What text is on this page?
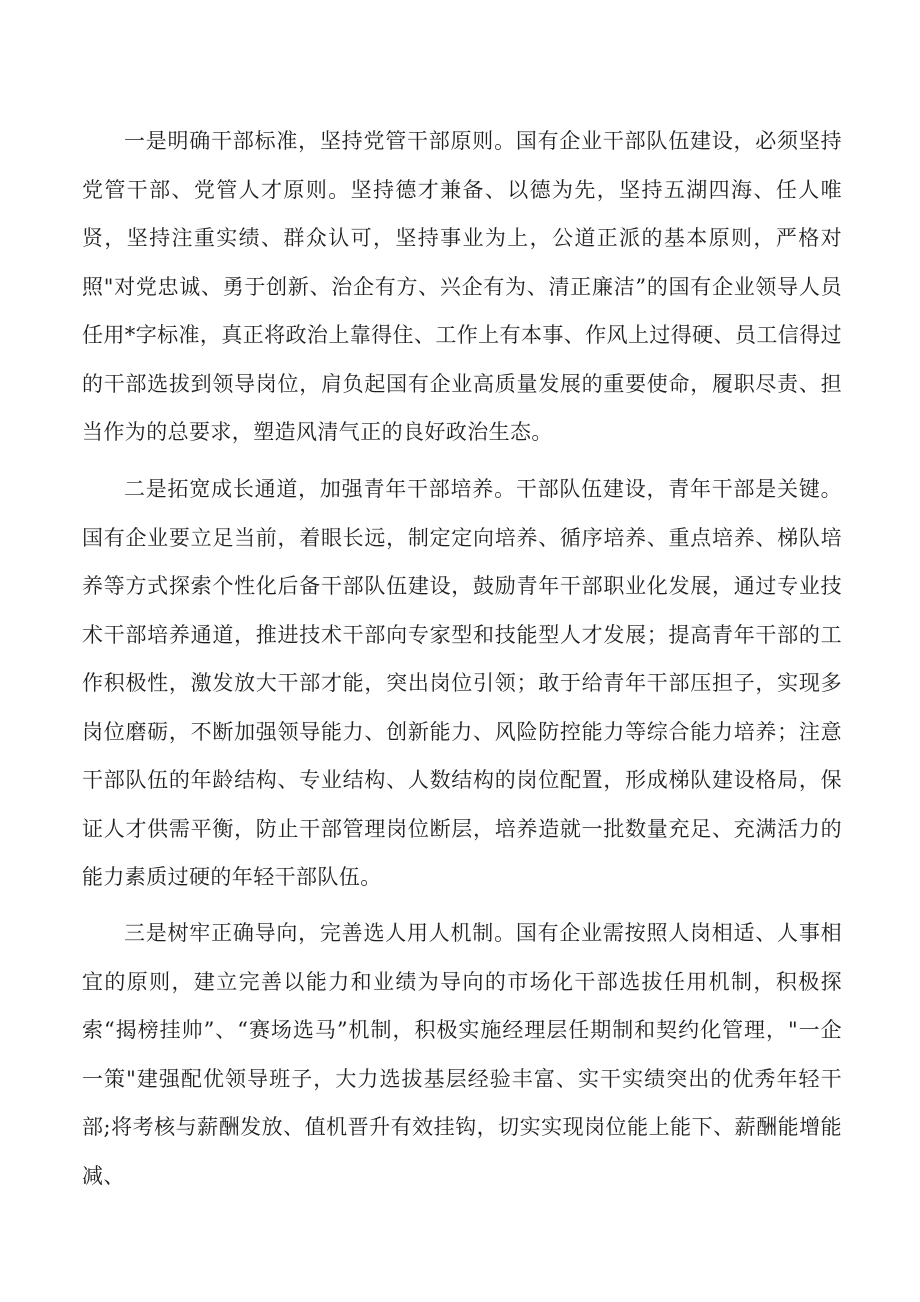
一是明确干部标准，坚持党管干部原则。国有企业干部队伍建设，必须坚持党管干部、党管人才原则。坚持德才兼备、以德为先，坚持五湖四海、任人唯贤，坚持注重实绩、群众认可，坚持事业为上，公道正派的基本原则，严格对照"对党忠诚、勇于创新、治企有方、兴企有为、清正廉洁”的国有企业领导人员任用*字标准，真正将政治上靠得住、工作上有本事、作风上过得硬、员工信得过的干部选拔到领导岗位，肩负起国有企业高质量发展的重要使命，履职尽责、担当作为的总要求，塑造风清气正的良好政治生态。

二是拓宽成长通道，加强青年干部培养。干部队伍建设，青年干部是关键。国有企业要立足当前，着眼长远，制定定向培养、循序培养、重点培养、梯队培养等方式探索个性化后备干部队伍建设，鼓励青年干部职业化发展，通过专业技术干部培养通道，推进技术干部向专家型和技能型人才发展；提高青年干部的工作积极性，激发放大干部才能，突出岗位引领；敢于给青年干部压担子，实现多岗位磨砺，不断加强领导能力、创新能力、风险防控能力等综合能力培养；注意干部队伍的年龄结构、专业结构、人数结构的岗位配置，形成梯队建设格局，保证人才供需平衡，防止干部管理岗位断层，培养造就一批数量充足、充满活力的能力素质过硬的年轻干部队伍。

三是树牢正确导向，完善选人用人机制。国有企业需按照人岗相适、人事相宜的原则，建立完善以能力和业绩为导向的市场化干部选拔任用机制，积极探索“揭榜挂帅”、“赛场选马”机制，积极实施经理层任期制和契约化管理，"一企一策"建强配优领导班子，大力选拔基层经验丰富、实干实绩突出的优秀年轻干部;将考核与薪酬发放、值机晋升有效挂钩，切实实现岗位能上能下、薪酬能增能减、
